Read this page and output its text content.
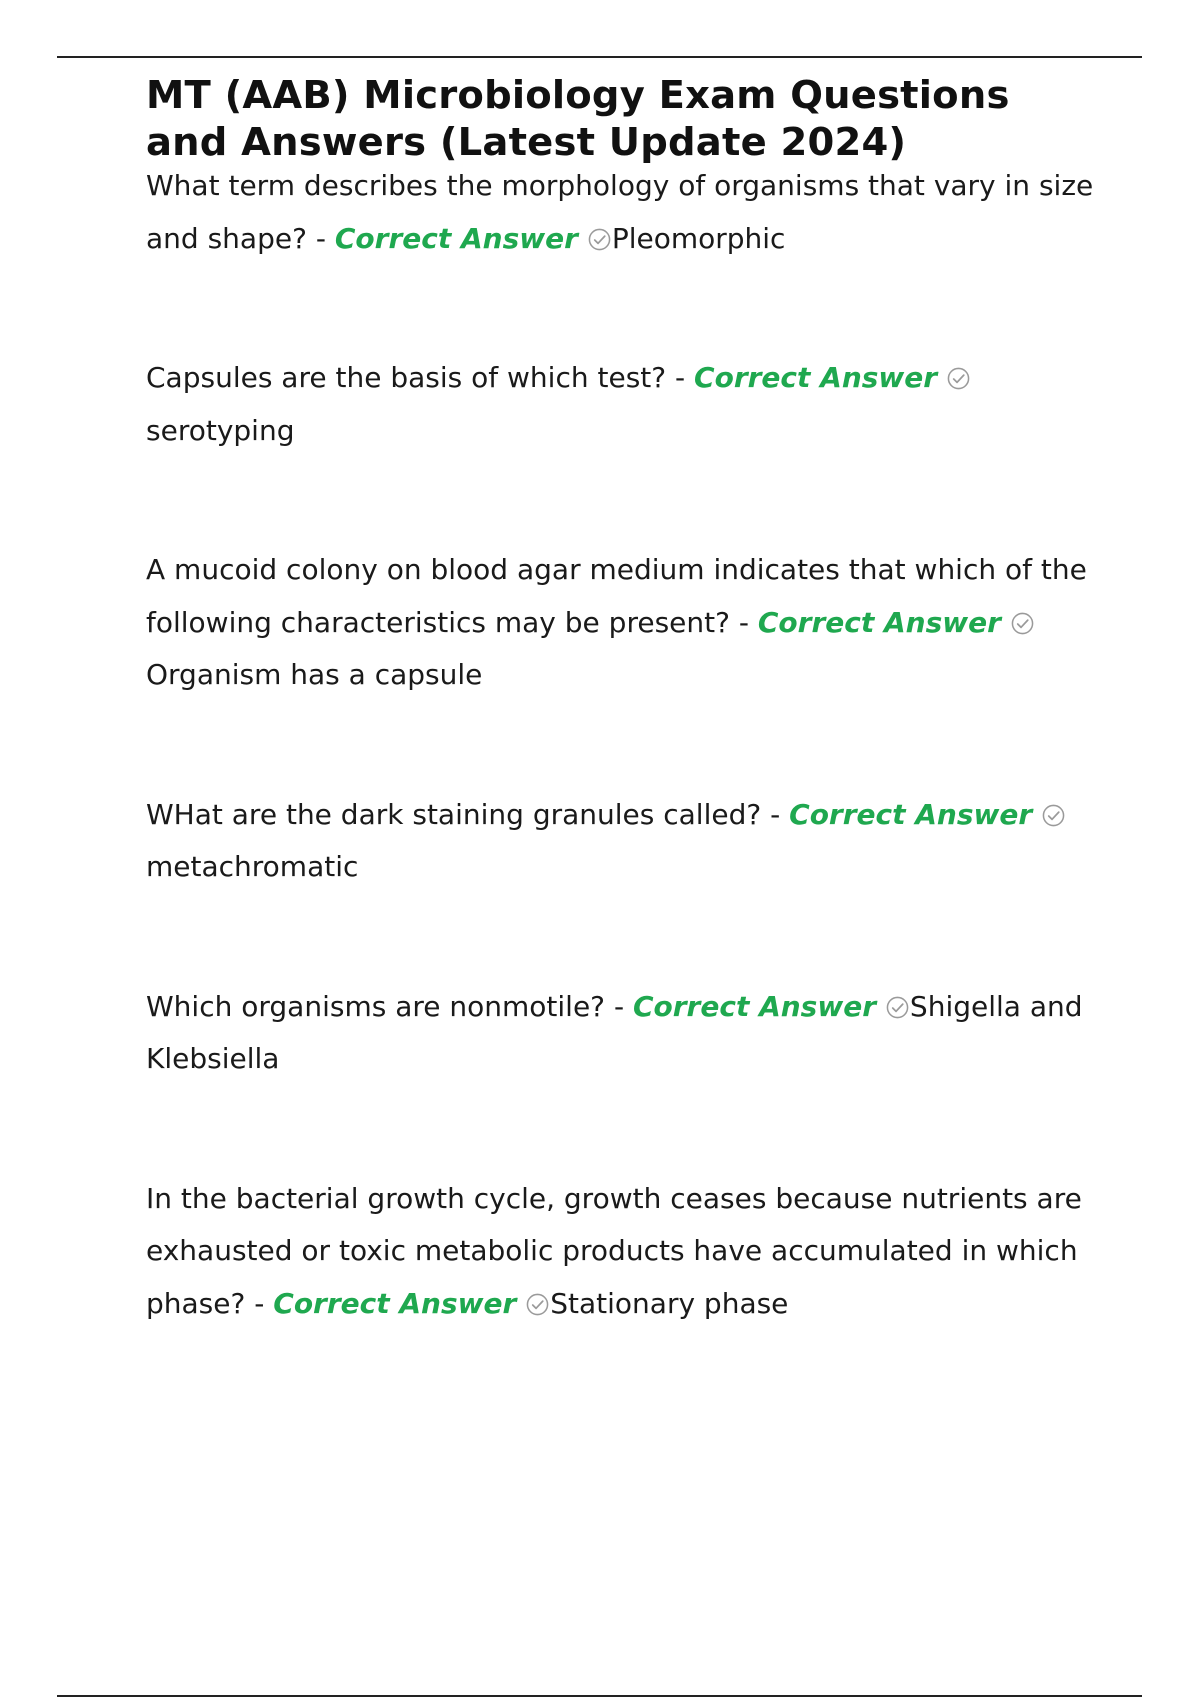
MT (AAB) Microbiology Exam Questions and Answers (Latest Update 2024)
What term describes the morphology of organisms that vary in size and shape? - Correct Answer Pleomorphic
Capsules are the basis of which test? - Correct Answer
serotyping
A mucoid colony on blood agar medium indicates that which of the following characteristics may be present? - Correct Answer
Organism has a capsule
WHat are the dark staining granules called? - Correct Answer
metachromatic
Which organisms are nonmotile? - Correct Answer Shigella and Klebsiella
In the bacterial growth cycle, growth ceases because nutrients are exhausted or toxic metabolic products have accumulated in which phase? - Correct Answer Stationary phase
